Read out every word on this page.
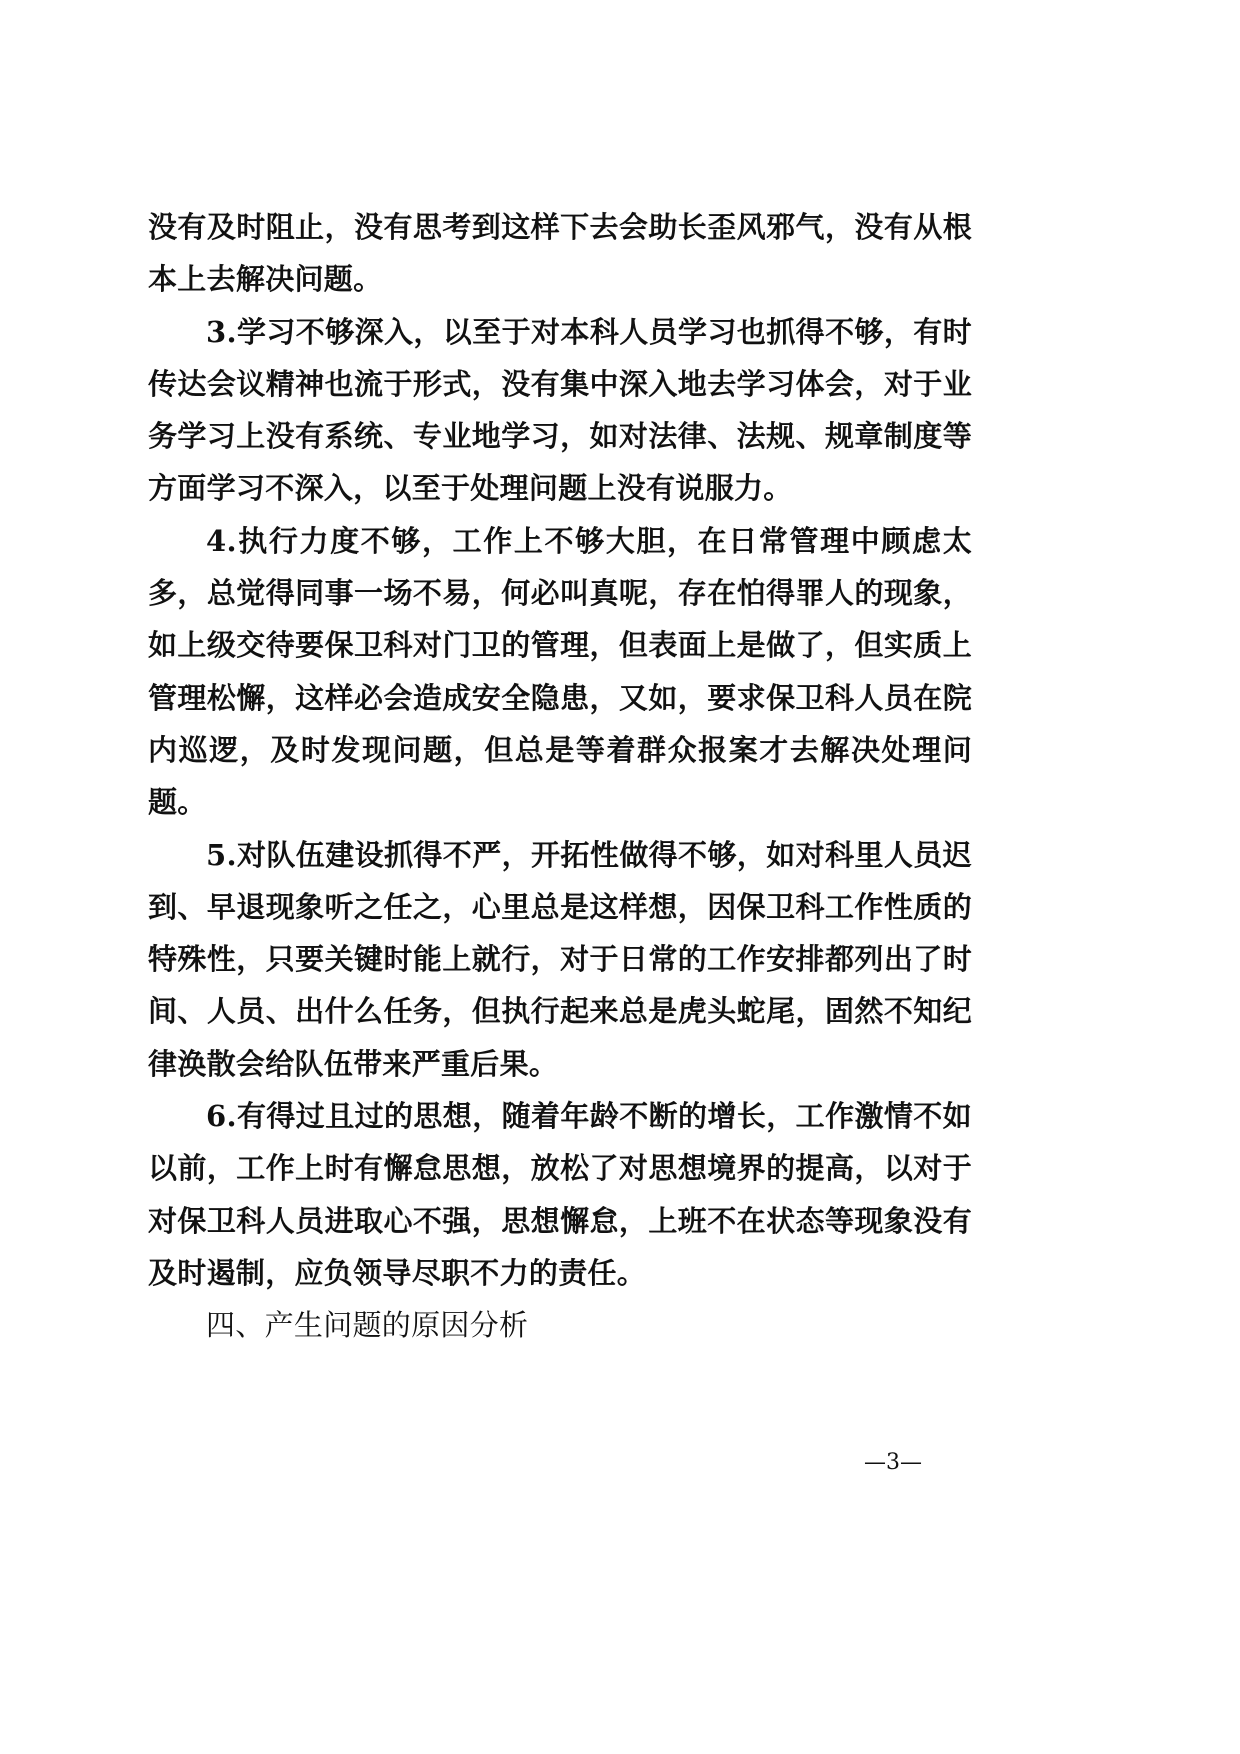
没有及时阻止，没有思考到这样下去会助长歪风邪气，没有从根本上去解决问题。

3.学习不够深入，以至于对本科人员学习也抓得不够，有时传达会议精神也流于形式，没有集中深入地去学习体会，对于业务学习上没有系统、专业地学习，如对法律、法规、规章制度等方面学习不深入，以至于处理问题上没有说服力。

4.执行力度不够，工作上不够大胆，在日常管理中顾虑太多，总觉得同事一场不易，何必叫真呢，存在怕得罪人的现象，如上级交待要保卫科对门卫的管理，但表面上是做了，但实质上管理松懈，这样必会造成安全隐患，又如，要求保卫科人员在院内巡逻，及时发现问题，但总是等着群众报案才去解决处理问题。

5.对队伍建设抓得不严，开拓性做得不够，如对科里人员迟到、早退现象听之任之，心里总是这样想，因保卫科工作性质的特殊性，只要关键时能上就行，对于日常的工作安排都列出了时间、人员、出什么任务，但执行起来总是虎头蛇尾，固然不知纪律涣散会给队伍带来严重后果。

6.有得过且过的思想，随着年龄不断的增长，工作激情不如以前，工作上时有懈怠思想，放松了对思想境界的提高，以对于对保卫科人员进取心不强，思想懈怠，上班不在状态等现象没有及时遏制，应负领导尽职不力的责任。

四、产生问题的原因分析

—3—
